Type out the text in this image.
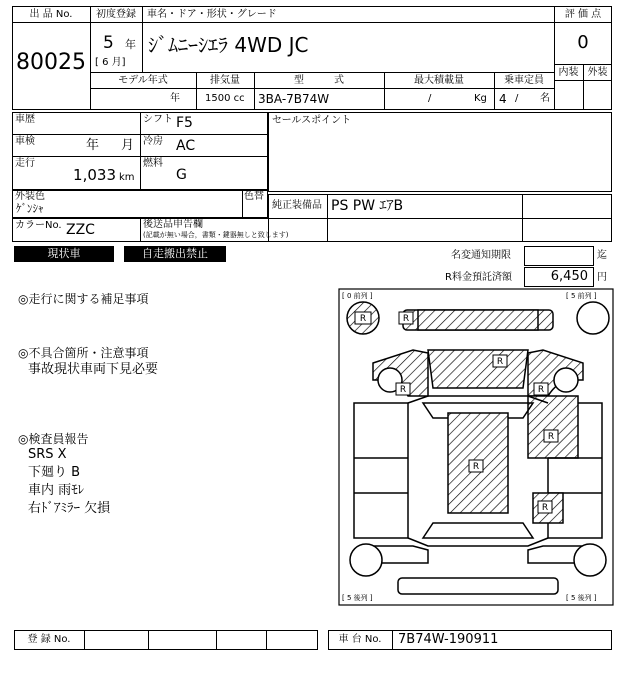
出 品 No.
80025
初度登録
5 年
[ 6 月]
車名・ドア・形状・グレード
ｼﾞﾑﾆｰｼｴﾗ 4WD JC
評 価 点
0
内装 外装
モデル年式
年
排気量
1500 cc
型　　　式
3BA-7B74W
最大積載量
/	Kg
乗車定員
4 / 名
車歴	シフト F5
車検	年 月 冷房 AC
走行
1,033 km
燃料
G
セールスポイント
外装色
ｹﾞﾝｼｬ
色替
純正装備品 PS PW ｴｱB
カラーNo. ZZC	後送品申告欄
(記載が無い場合，書類・鍵器無しと致します)
現状車	自走搬出禁止	名変通知期限	迄
R料金預託済額	6,450 円
◎走行に関する補足事項
◎不具合箇所・注意事項
事故現状車両下見必要
◎検査員報告
SRS X
下廻り B
車内 雨ﾓﾚ
右ﾄﾞｱﾐﾗｰ 欠損
R	R
R
R	R
R
R
R
[ 0 前列 ]	[ 5 前列 ]
[ 5 後列 ]	[ 5 後列 ]
登 録 No.	車 台 No.	7B74W-190911
